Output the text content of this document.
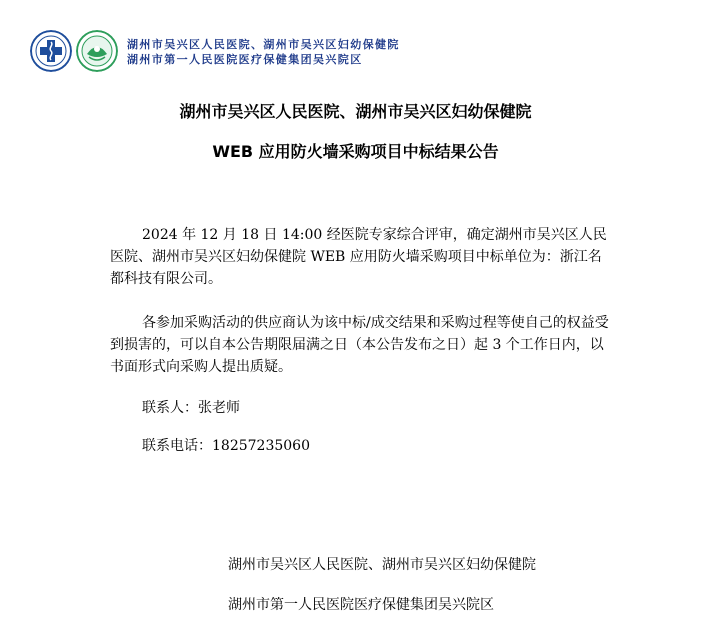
湖州市吴兴区人民医院、湖州市吴兴区妇幼保健院
湖州市第一人民医院医疗保健集团吴兴院区
湖州市吴兴区人民医院、湖州市吴兴区妇幼保健院
WEB 应用防火墙采购项目中标结果公告

2024 年 12 月 18 日 14:00 经医院专家综合评审，确定湖州市吴兴区人民医院、湖州市吴兴区妇幼保健院 WEB 应用防火墙采购项目中标单位为：浙江名都科技有限公司。

各参加采购活动的供应商认为该中标/成交结果和采购过程等使自己的权益受到损害的，可以自本公告期限届满之日（本公告发布之日）起 3 个工作日内，以书面形式向采购人提出质疑。

联系人：张老师
联系电话：18257235060
湖州市吴兴区人民医院、湖州市吴兴区妇幼保健院
湖州市第一人民医院医疗保健集团吴兴院区
